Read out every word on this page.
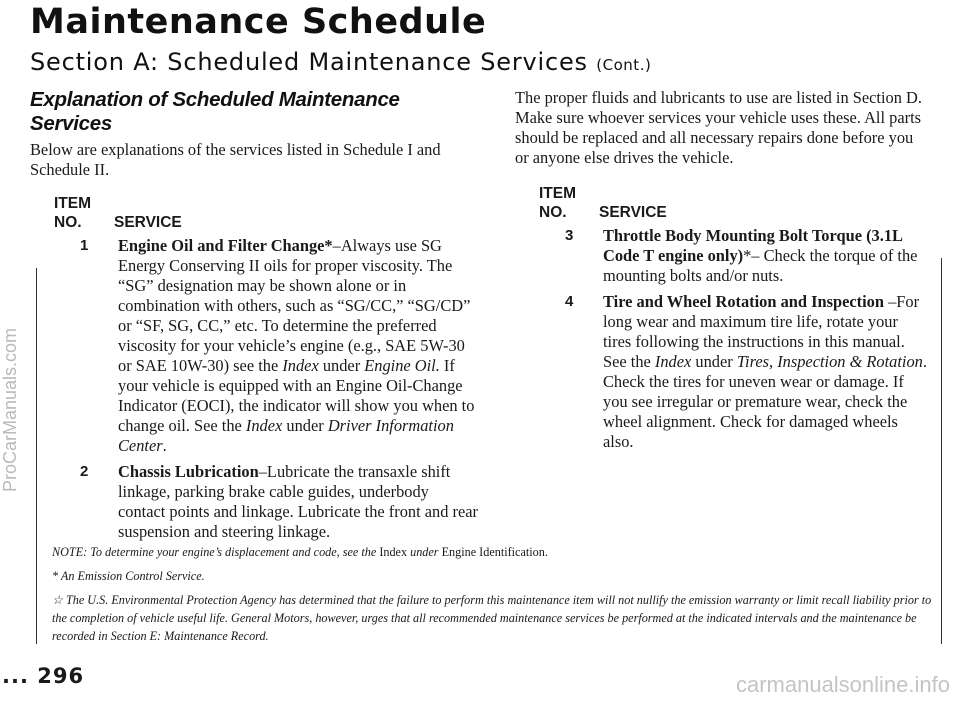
ProCarManuals.com
Maintenance Schedule
Section A: Scheduled Maintenance Services (Cont.)
Explanation of Scheduled Maintenance Services

Below are explanations of the services listed in Schedule I and Schedule II.

ITEM
NO.	SERVICE
1	Engine Oil and Filter Change*–Always use SG Energy Conserving II oils for proper viscosity. The “SG” designation may be shown alone or in combination with others, such as “SG/CC,” “SG/CD” or “SF, SG, CC,” etc. To determine the preferred viscosity for your vehicle’s engine (e.g., SAE 5W-30 or SAE 10W-30) see the Index under Engine Oil. If your vehicle is equipped with an Engine Oil-Change Indicator (EOCI), the indicator will show you when to change oil. See the Index under Driver Information Center.
2	Chassis Lubrication–Lubricate the transaxle shift linkage, parking brake cable guides, underbody contact points and linkage. Lubricate the front and rear suspension and steering linkage.

The proper fluids and lubricants to use are listed in Section D. Make sure whoever services your vehicle uses these. All parts should be replaced and all necessary repairs done before you or anyone else drives the vehicle.

ITEM
NO.	SERVICE
3	Throttle Body Mounting Bolt Torque (3.1L Code T engine only)*– Check the torque of the mounting bolts and/or nuts.
4	Tire and Wheel Rotation and Inspection –For long wear and maximum tire life, rotate your tires following the instructions in this manual. See the Index under Tires, Inspection & Rotation. Check the tires for uneven wear or damage. If you see irregular or premature wear, check the wheel alignment. Check for damaged wheels also.

NOTE: To determine your engine’s displacement and code, see the Index under Engine Identification.

* An Emission Control Service.

☆ The U.S. Environmental Protection Agency has determined that the failure to perform this maintenance item will not nullify the emission warranty or limit recall liability prior to the completion of vehicle useful life. General Motors, however, urges that all recommended maintenance services be performed at the indicated intervals and the maintenance be recorded in Section E: Maintenance Record.

... 296	carmanualsonline.info
